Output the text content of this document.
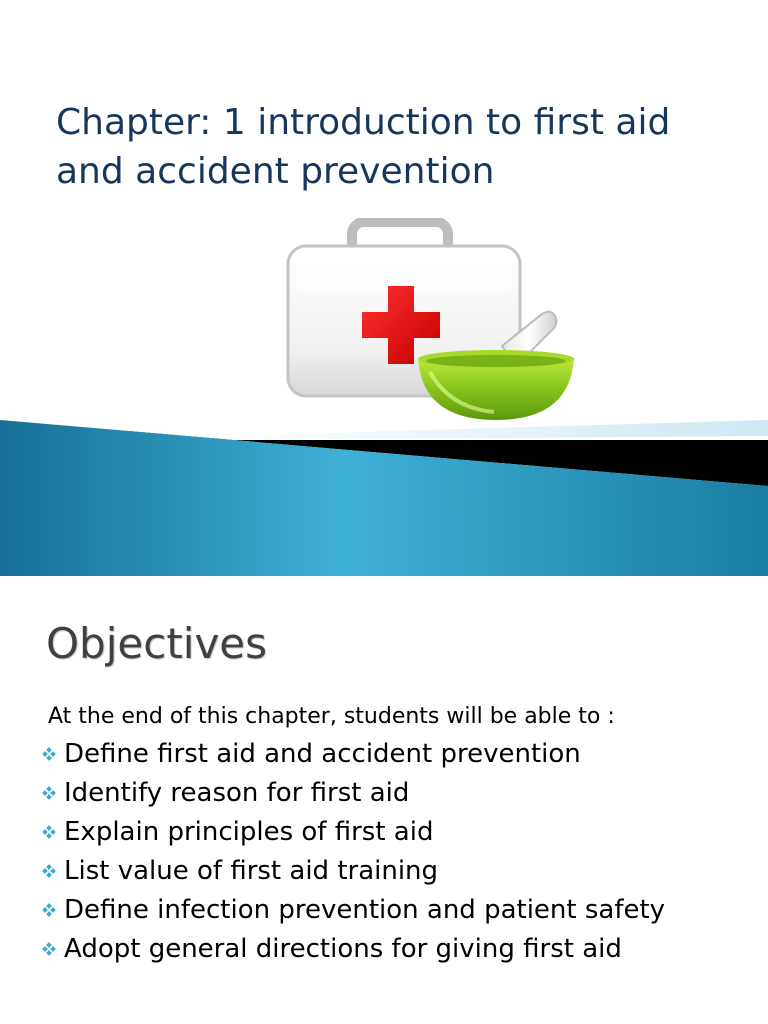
Chapter: 1 introduction to first aid and accident prevention
Objectives

At the end of this chapter, students will be able to :

Define first aid and accident prevention
Identify reason for first aid
Explain principles of first aid
List value of first aid training
Define infection prevention and patient safety
Adopt general directions for giving first aid
